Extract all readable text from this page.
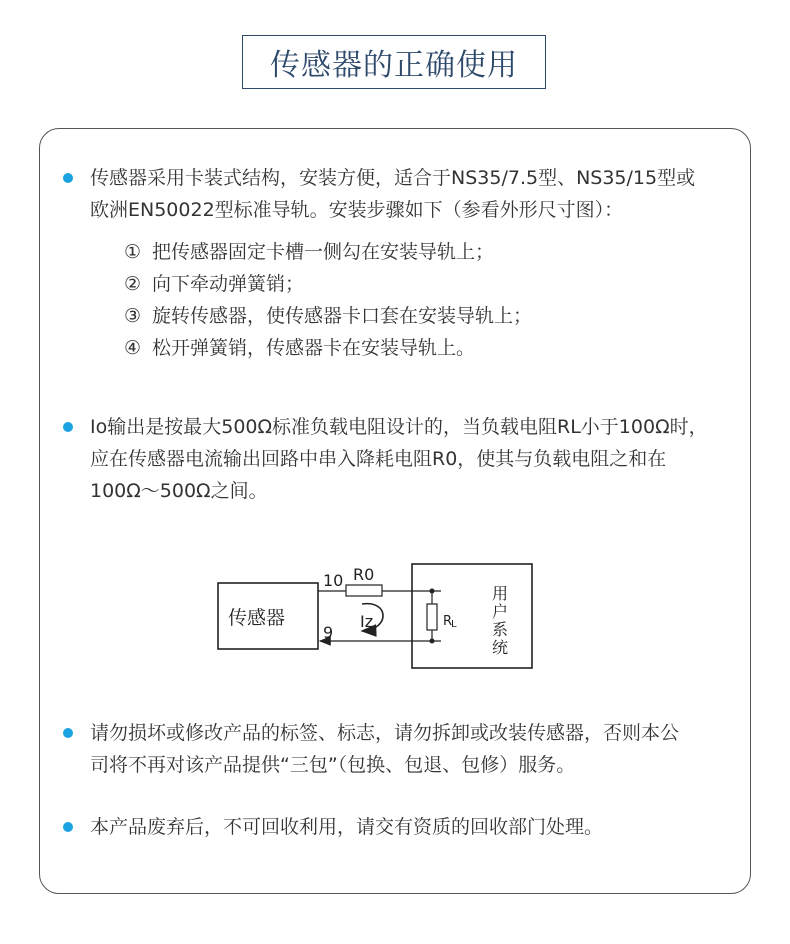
传感器的正确使用
传感器采用卡装式结构，安装方便，适合于NS35/7.5型、NS35/15型或
欧洲EN50022型标准导轨。安装步骤如下（参看外形尺寸图）：
① 把传感器固定卡槽一侧勾在安装导轨上；
② 向下牵动弹簧销；
③ 旋转传感器，使传感器卡口套在安装导轨上；
④ 松开弹簧销，传感器卡在安装导轨上。
Io输出是按最大500Ω标准负载电阻设计的，当负载电阻RL小于100Ω时，
应在传感器电流输出回路中串入降耗电阻R0，使其与负载电阻之和在
100Ω～500Ω之间。
传感器
10
9
R0
Iz	R
L
用
户
系
统
请勿损坏或修改产品的标签、标志，请勿拆卸或改装传感器，否则本公
司将不再对该产品提供“三包”（包换、包退、包修）服务。
本产品废弃后，不可回收利用，请交有资质的回收部门处理。
